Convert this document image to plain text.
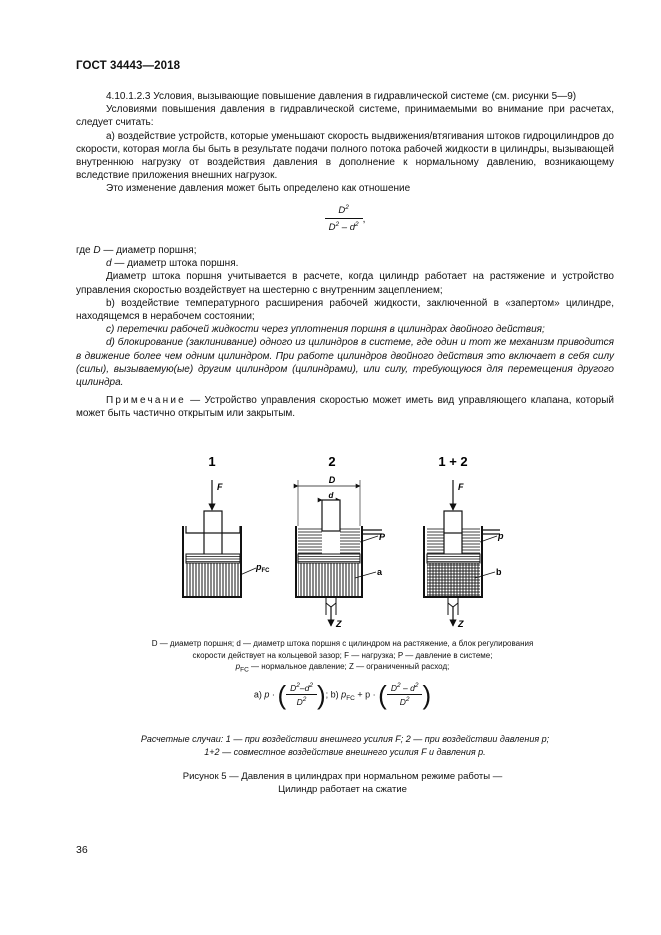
ГОСТ 34443—2018

4.10.1.2.3 Условия, вызывающие повышение давления в гидравлической системе (см. рисунки 5—9)

Условиями повышения давления в гидравлической системе, принимаемыми во внимание при расчетах, следует считать:

а) воздействие устройств, которые уменьшают скорость выдвижения/втягивания штоков гидроцилиндров до скорости, которая могла бы быть в результате подачи полного потока рабочей жидкости в цилиндры, вызывающей внутреннюю нагрузку от воздействия давления в дополнение к нормальному давлению, возникающему вследствие приложения внешних нагрузок.

Это изменение давления может быть определено как отношение

$\frac{D^2}{D^2 - d^2}$ ,

где D — диаметр поршня;

d — диаметр штока поршня.

Диаметр штока поршня учитывается в расчете, когда цилиндр работает на растяжение и устройство управления скоростью воздействует на шестерню с внутренним зацеплением;

b) воздействие температурного расширения рабочей жидкости, заключенной в «запертом» цилиндре, находящемся в нерабочем состоянии;

c) перетечки рабочей жидкости через уплотнения поршня в цилиндрах двойного действия;

d) блокирование (заклинивание) одного из цилиндров в системе, где один и тот же механизм приводится в движение более чем одним цилиндром. При работе цилиндров двойного действия это включает в себя силу (силы), вызываемую(ые) другим цилиндром (цилиндрами), или силу, требующуюся для перемещения другого цилиндра.

Примечание — Устройство управления скоростью может иметь вид управляющего клапана, который может быть частично открытым или закрытым.

1	2	1 + 2
F
$p_{FC}$
D
d
P
a
Z
F
p
b
Z
D — диаметр поршня; d — диаметр штока поршня с цилиндром на растяжение, а блок регулирования скорости действует на кольцевой зазор; F — нагрузка; P — давление в системе;
$p_{FC}$ — нормальное давление; Z — ограниченный расход;
a) p · ( $\frac{D^2-d^2}{D^2}$ ); b) $p_{FC} + p$ · ( $\frac{D^2 - d^2}{D^2}$ )
Расчетные случаи: 1 — при воздействии внешнего усилия F; 2 — при воздействии давления p;
1+2 — совместное воздействие внешнего усилия F и давления p.
Рисунок 5 — Давления в цилиндрах при нормальном режиме работы —
Цилиндр работает на сжатие
36
